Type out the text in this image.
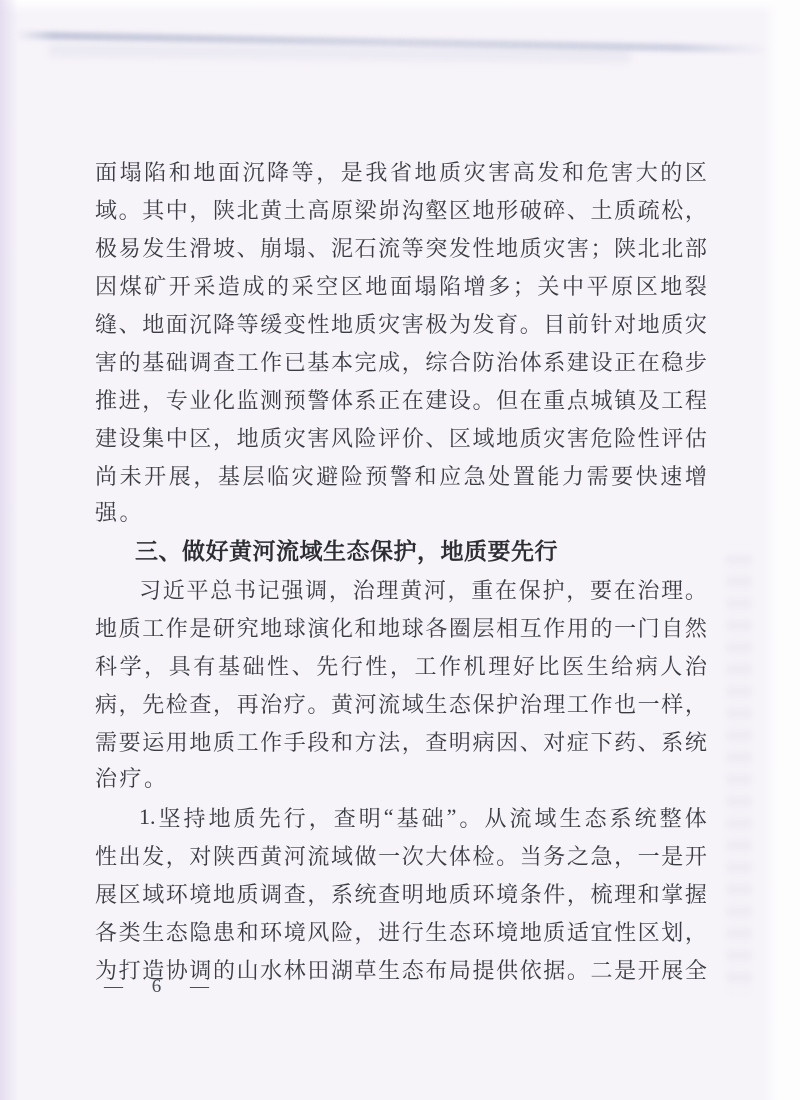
面 塌 陷 和 地 面 沉 降 等 ， 是 我 省 地 质 灾 害 高 发 和 危 害 大 的 区
域 。 其 中 ， 陕 北 黄 土 高 原 梁 峁 沟 壑 区 地 形 破 碎 、 土 质 疏 松 ，
极 易 发 生 滑 坡 、 崩 塌 、 泥 石 流 等 突 发 性 地 质 灾 害 ； 陕 北 北 部
因 煤 矿 开 采 造 成 的 采 空 区 地 面 塌 陷 增 多 ； 关 中 平 原 区 地 裂
缝 、 地 面 沉 降 等 缓 变 性 地 质 灾 害 极 为 发 育 。 目 前 针 对 地 质 灾
害 的 基 础 调 查 工 作 已 基 本 完 成 ， 综 合 防 治 体 系 建 设 正 在 稳 步
推 进 ， 专 业 化 监 测 预 警 体 系 正 在 建 设 。 但 在 重 点 城 镇 及 工 程
建 设 集 中 区 ， 地 质 灾 害 风 险 评 价 、 区 域 地 质 灾 害 危 险 性 评 估
尚 未 开 展 ， 基 层 临 灾 避 险 预 警 和 应 急 处 置 能 力 需 要 快 速 增
强。
三、做好黄河流域生态保护，地质要先行
习 近 平 总 书 记 强 调 ， 治 理 黄 河 ， 重 在 保 护 ， 要 在 治 理 。
地 质 工 作 是 研 究 地 球 演 化 和 地 球 各 圈 层 相 互 作 用 的 一 门 自 然
科 学 ， 具 有 基 础 性 、 先 行 性 ， 工 作 机 理 好 比 医 生 给 病 人 治
病 ， 先 检 查 ， 再 治 疗 。 黄 河 流 域 生 态 保 护 治 理 工 作 也 一 样 ，
需 要 运 用 地 质 工 作 手 段 和 方 法 ， 查 明 病 因 、 对 症 下 药 、 系 统
治疗。
1. 坚 持 地 质 先 行 ， 查 明 “ 基 础 ” 。 从 流 域 生 态 系 统 整 体
性 出 发 ， 对 陕 西 黄 河 流 域 做 一 次 大 体 检 。 当 务 之 急 ， 一 是 开
展 区 域 环 境 地 质 调 查 ， 系 统 查 明 地 质 环 境 条 件 ， 梳 理 和 掌 握
各 类 生 态 隐 患 和 环 境 风 险 ， 进 行 生 态 环 境 地 质 适 宜 性 区 划 ，
为 打 造 协 调 的 山 水 林 田 湖 草 生 态 布 局 提 供 依 据 。 二 是 开 展 全
— 6 —
